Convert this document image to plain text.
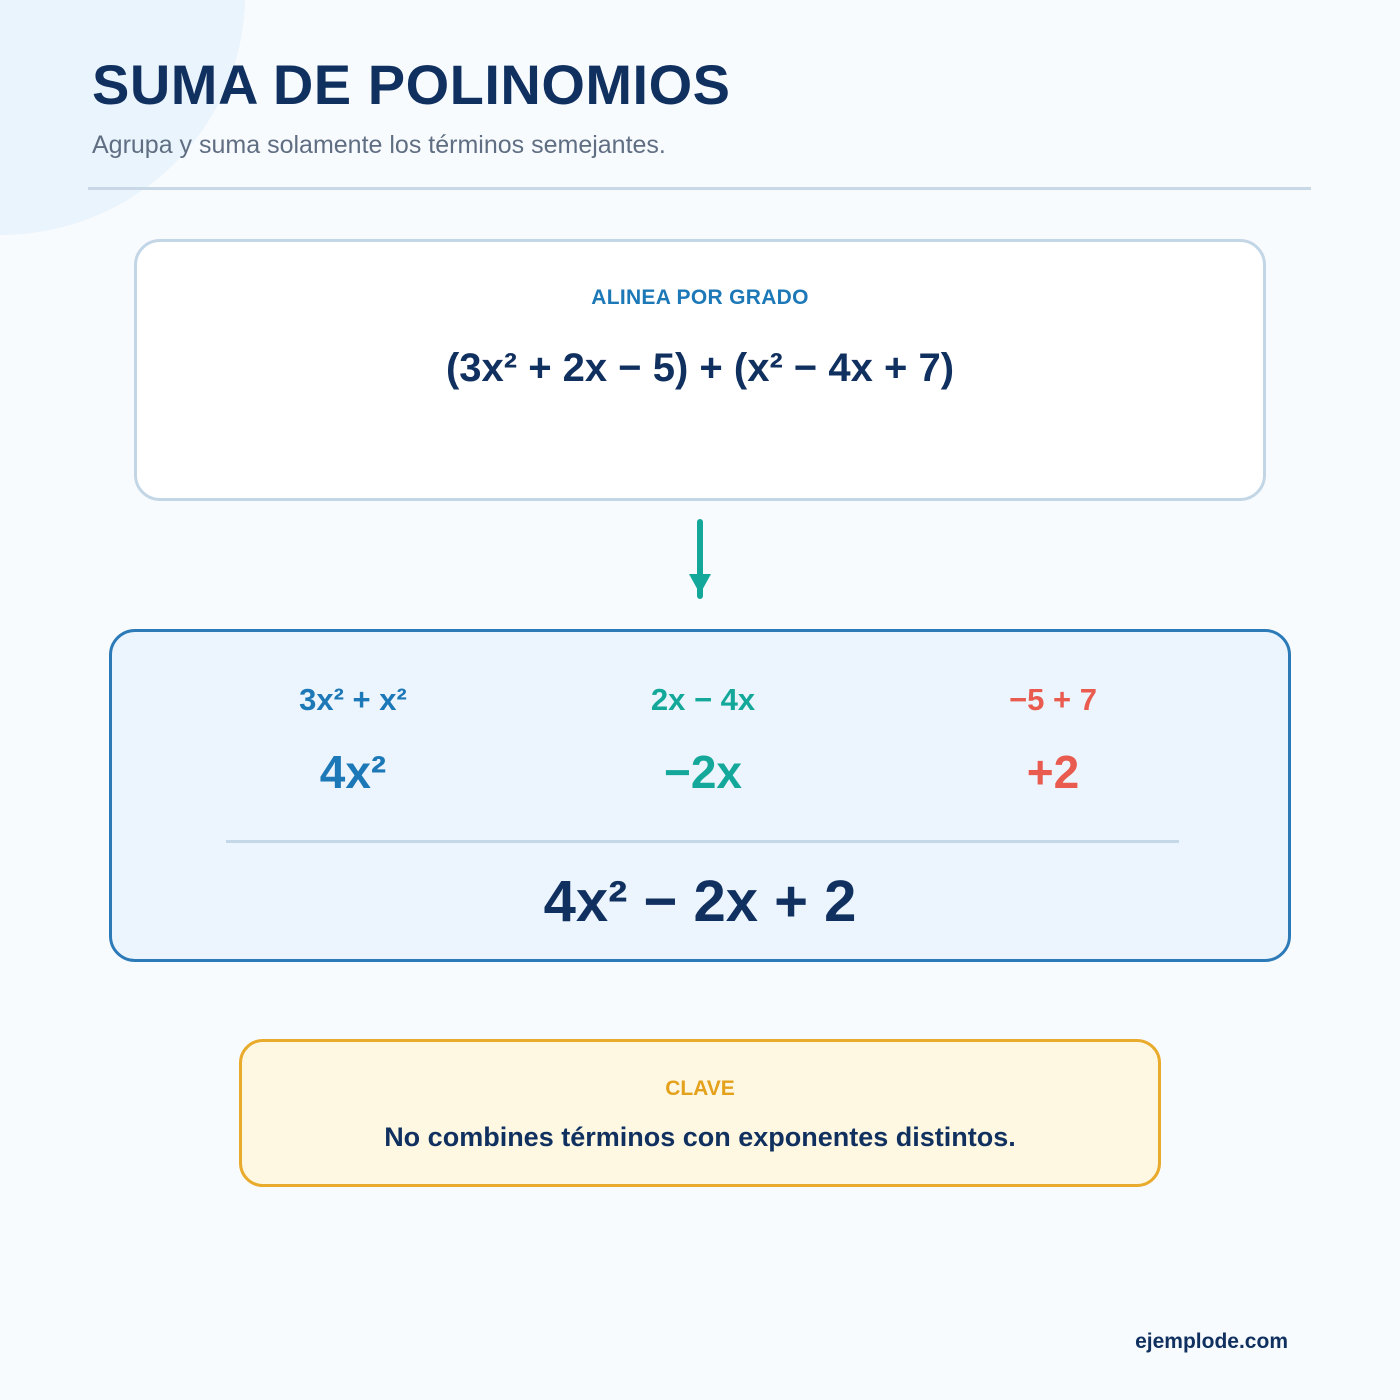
SUMA DE POLINOMIOS

Agrupa y suma solamente los términos semejantes.

ALINEA POR GRADO
(3x² + 2x − 5) + (x² − 4x + 7)
3x² + x²
4x²
2x − 4x
−2x
−5 + 7
+2
4x² − 2x + 2
CLAVE
No combines términos con exponentes distintos.
ejemplode.com
